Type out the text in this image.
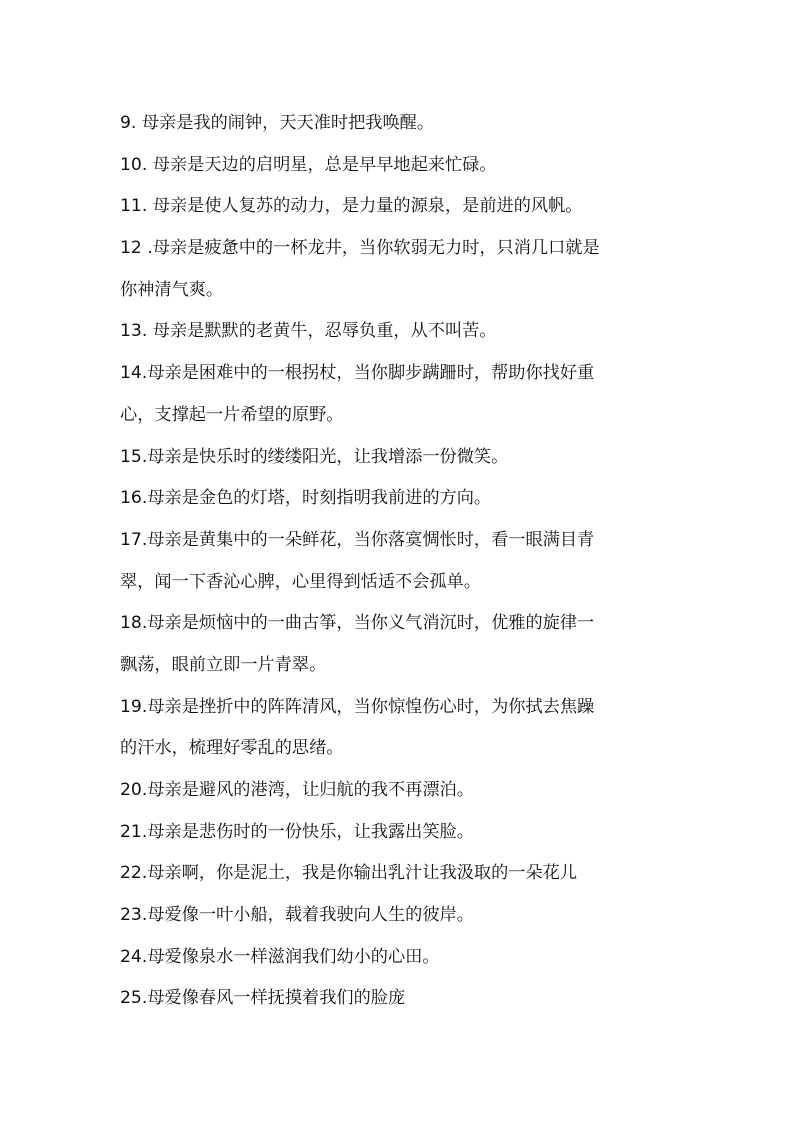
9. 母亲是我的闹钟，天天准时把我唤醒。
10. 母亲是天边的启明星，总是早早地起来忙碌。
11. 母亲是使人复苏的动力，是力量的源泉，是前进的风帆。
12 .母亲是疲惫中的一杯龙井，当你软弱无力时，只消几口就是
你神清气爽。
13. 母亲是默默的老黄牛，忍辱负重，从不叫苦。
14.母亲是困难中的一根拐杖，当你脚步蹒跚时，帮助你找好重
心，支撑起一片希望的原野。
15.母亲是快乐时的缕缕阳光，让我增添一份微笑。
16.母亲是金色的灯塔，时刻指明我前进的方向。
17.母亲是黄集中的一朵鲜花，当你落寞惆怅时，看一眼满目青
翠，闻一下香沁心脾，心里得到恬适不会孤单。
18.母亲是烦恼中的一曲古筝，当你义气消沉时，优雅的旋律一
飘荡，眼前立即一片青翠。
19.母亲是挫折中的阵阵清风，当你惊惶伤心时，为你拭去焦躁
的汗水，梳理好零乱的思绪。
20.母亲是避风的港湾，让归航的我不再漂泊。
21.母亲是悲伤时的一份快乐，让我露出笑脸。
22.母亲啊，你是泥土，我是你输出乳汁让我汲取的一朵花儿
23.母爱像一叶小船，载着我驶向人生的彼岸。
24.母爱像泉水一样滋润我们幼小的心田。
25.母爱像春风一样抚摸着我们的脸庞
